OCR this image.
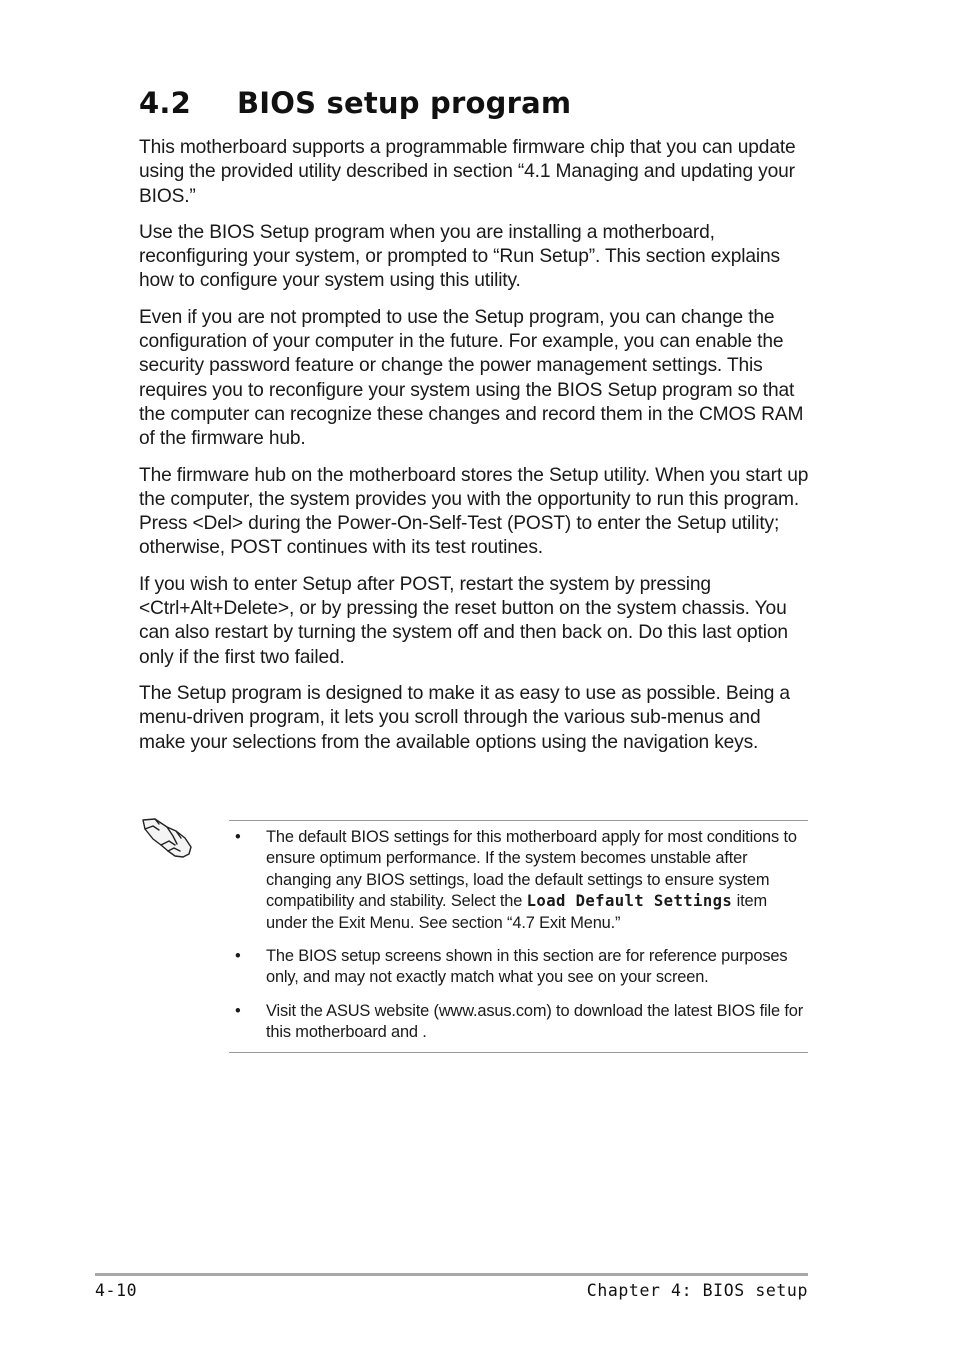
4.2 BIOS setup program

This motherboard supports a programmable firmware chip that you can update using the provided utility described in section “4.1 Managing and updating your BIOS.”

Use the BIOS Setup program when you are installing a motherboard, reconfiguring your system, or prompted to “Run Setup”. This section explains how to configure your system using this utility.

Even if you are not prompted to use the Setup program, you can change the configuration of your computer in the future. For example, you can enable the security password feature or change the power management settings. This requires you to reconfigure your system using the BIOS Setup program so that the computer can recognize these changes and record them in the CMOS RAM of the firmware hub.

The firmware hub on the motherboard stores the Setup utility. When you start up the computer, the system provides you with the opportunity to run this program. Press <Del> during the Power-On-Self-Test (POST) to enter the Setup utility; otherwise, POST continues with its test routines.

If you wish to enter Setup after POST, restart the system by pressing <Ctrl+Alt+Delete>, or by pressing the reset button on the system chassis. You can also restart by turning the system off and then back on. Do this last option only if the first two failed.

The Setup program is designed to make it as easy to use as possible. Being a menu-driven program, it lets you scroll through the various sub-menus and make your selections from the available options using the navigation keys.

• The default BIOS settings for this motherboard apply for most conditions to ensure optimum performance. If the system becomes unstable after changing any BIOS settings, load the default settings to ensure system compatibility and stability. Select the Load Default Settings item under the Exit Menu. See section “4.7 Exit Menu.”
• The BIOS setup screens shown in this section are for reference purposes only, and may not exactly match what you see on your screen.
• Visit the ASUS website (www.asus.com) to download the latest BIOS file for this motherboard and .
4-10	Chapter 4: BIOS setup
